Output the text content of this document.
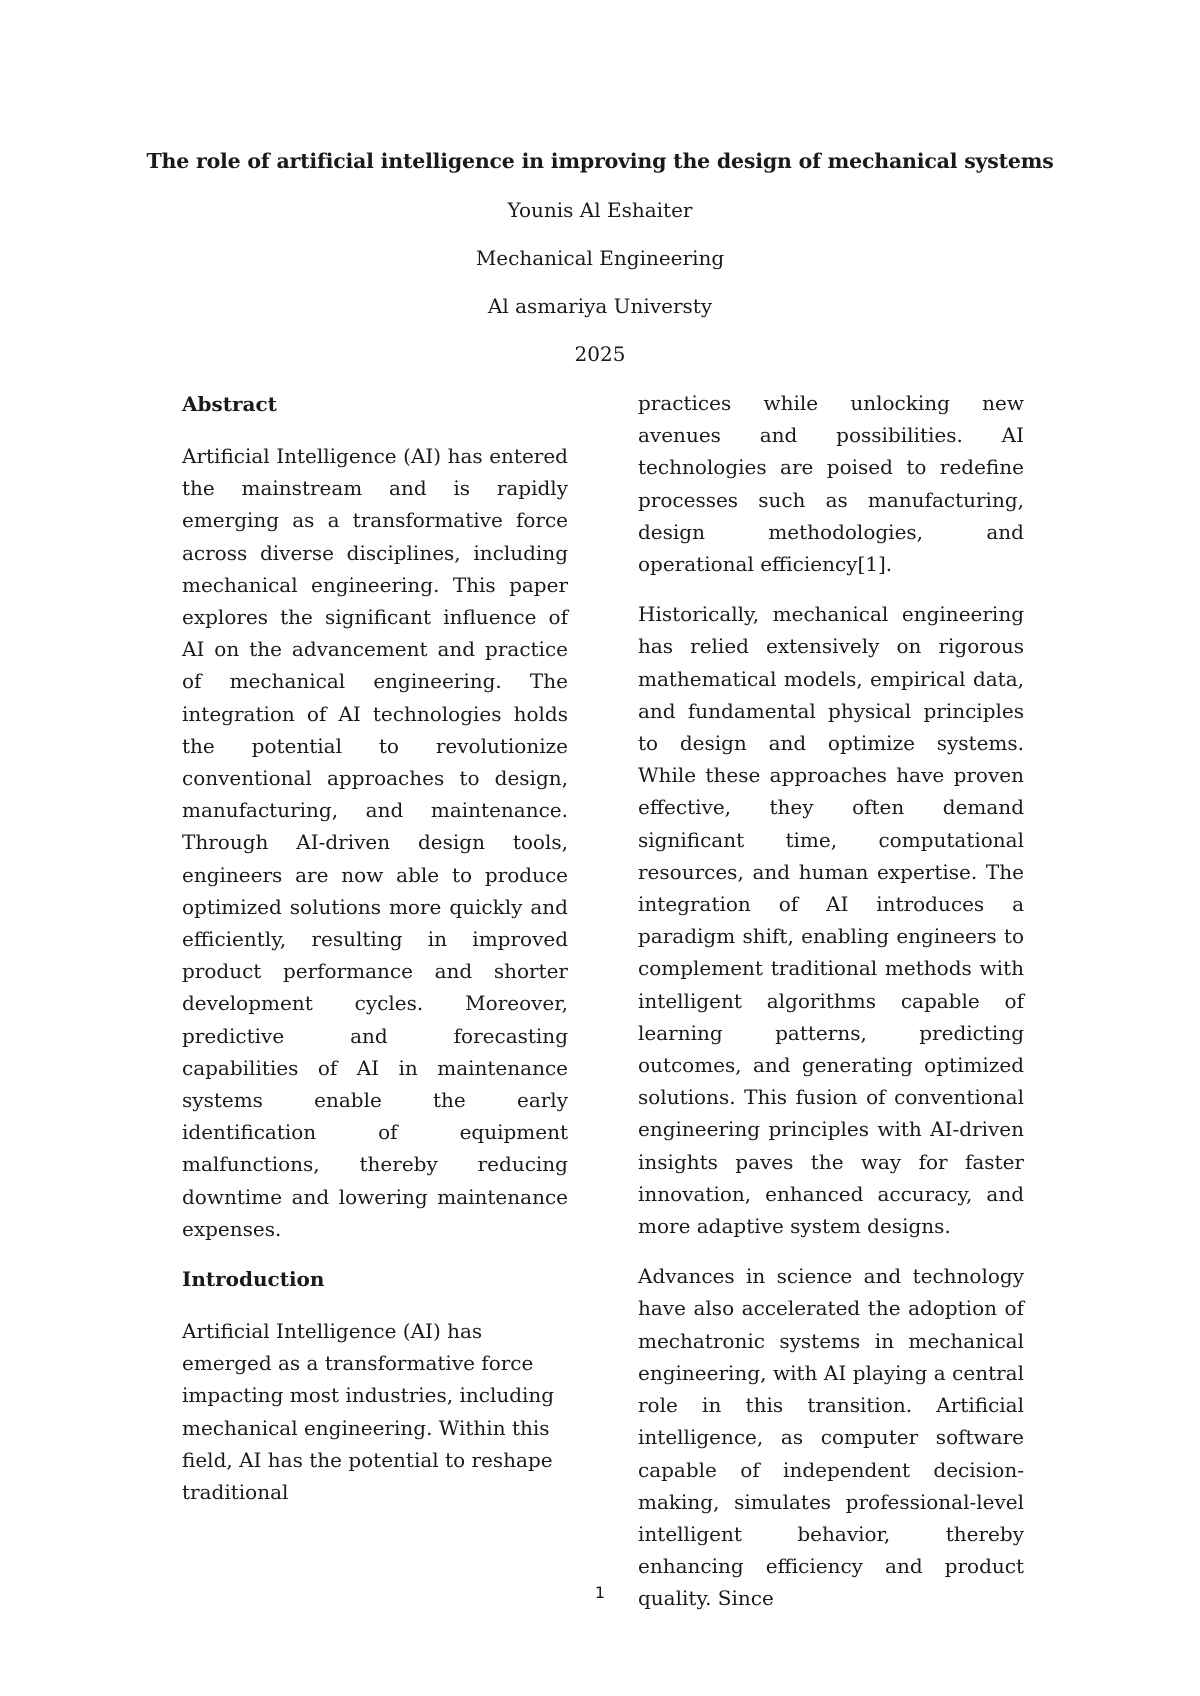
The role of artificial intelligence in improving the design of mechanical systems
Younis Al Eshaiter
Mechanical Engineering
Al asmariya Universty
2025
Abstract

Artificial Intelligence (AI) has entered the mainstream and is rapidly emerging as a transformative force across diverse disciplines, including mechanical engineering. This paper explores the significant influence of AI on the advancement and practice of mechanical engineering. The integration of AI technologies holds the potential to revolutionize conventional approaches to design, manufacturing, and maintenance. Through AI-driven design tools, engineers are now able to produce optimized solutions more quickly and efficiently, resulting in improved product performance and shorter development cycles. Moreover, predictive and forecasting capabilities of AI in maintenance systems enable the early identification of equipment malfunctions, thereby reducing downtime and lowering maintenance expenses.

Introduction

Artificial Intelligence (AI) has emerged as a transformative force impacting most industries, including mechanical engineering. Within this field, AI has the potential to reshape traditional

practices while unlocking new avenues and possibilities. AI technologies are poised to redefine processes such as manufacturing, design methodologies, and operational efficiency[1].

Historically, mechanical engineering has relied extensively on rigorous mathematical models, empirical data, and fundamental physical principles to design and optimize systems. While these approaches have proven effective, they often demand significant time, computational resources, and human expertise. The integration of AI introduces a paradigm shift, enabling engineers to complement traditional methods with intelligent algorithms capable of learning patterns, predicting outcomes, and generating optimized solutions. This fusion of conventional engineering principles with AI-driven insights paves the way for faster innovation, enhanced accuracy, and more adaptive system designs.

Advances in science and technology have also accelerated the adoption of mechatronic systems in mechanical engineering, with AI playing a central role in this transition. Artificial intelligence, as computer software capable of independent decision-making, simulates professional-level intelligent behavior, thereby enhancing efficiency and product quality. Since

1
